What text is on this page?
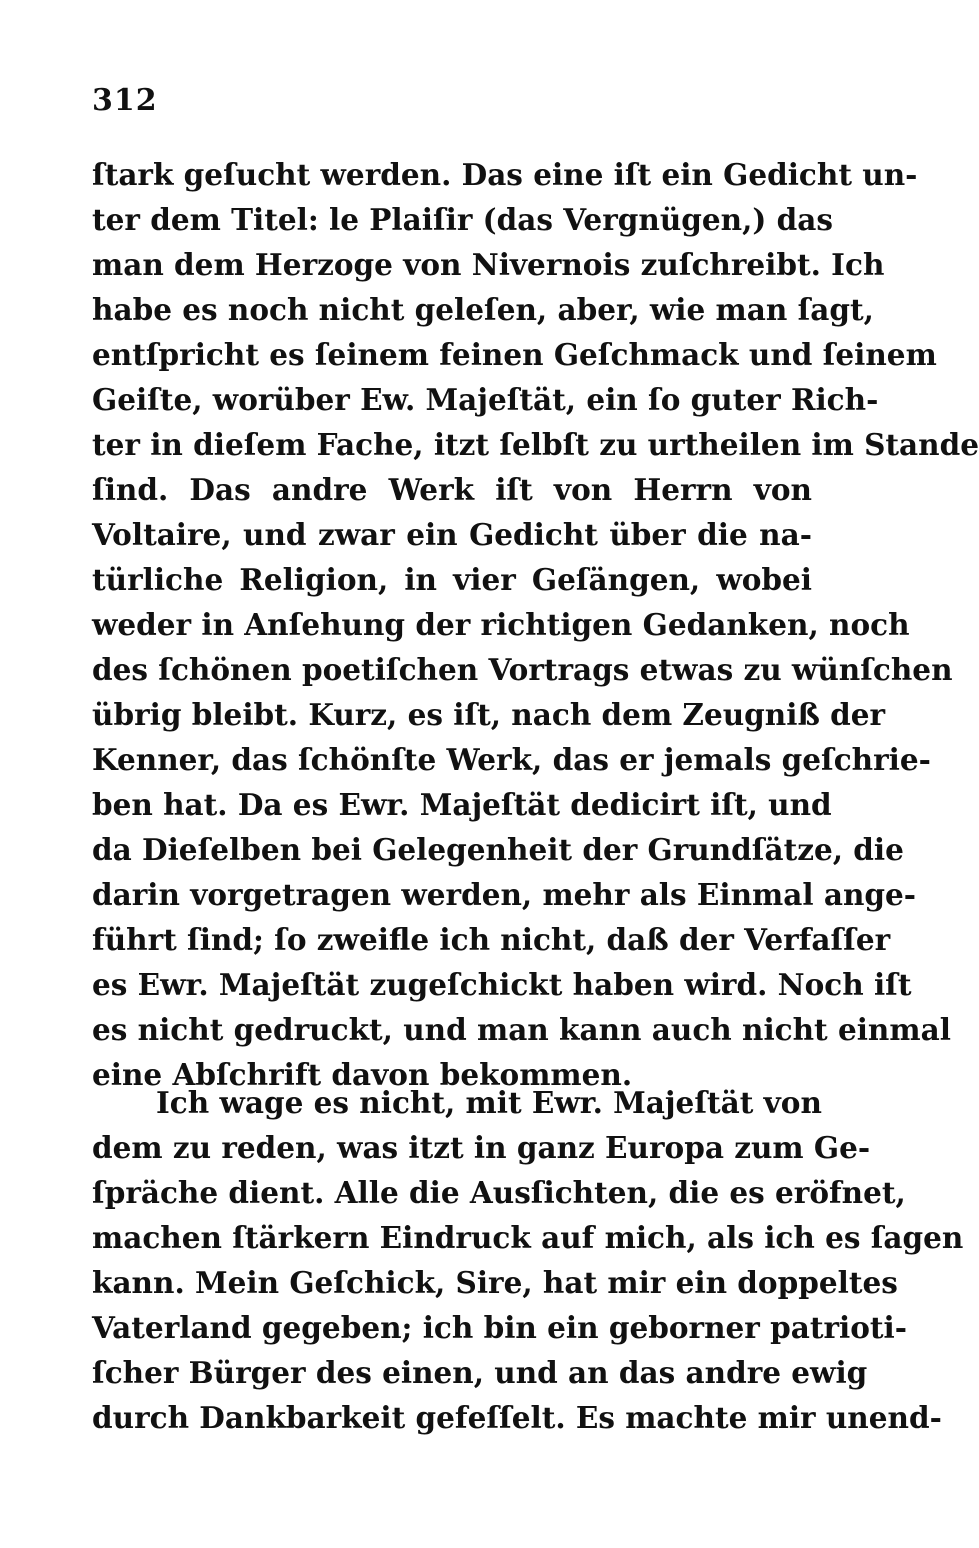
312
ſtark geſucht werden. Das eine iſt ein Gedicht un-
ter dem Titel: le Plaiſir (das Vergnügen,) das
man dem Herzoge von Nivernois zuſchreibt. Ich
habe es noch nicht geleſen, aber, wie man ſagt,
entſpricht es ſeinem feinen Geſchmack und ſeinem
Geiſte, worüber Ew. Majeſtät, ein ſo guter Rich-
ter in dieſem Fache, itzt ſelbſt zu urtheilen im Stande
ſind. Das andre Werk iſt von Herrn von
Voltaire, und zwar ein Gedicht über die na-
türliche Religion, in vier Geſängen, wobei
weder in Anſehung der richtigen Gedanken, noch
des ſchönen poetiſchen Vortrags etwas zu wünſchen
übrig bleibt. Kurz, es iſt, nach dem Zeugniß der
Kenner, das ſchönſte Werk, das er jemals geſchrie-
ben hat. Da es Ewr. Majeſtät dedicirt iſt, und
da Dieſelben bei Gelegenheit der Grundſätze, die
darin vorgetragen werden, mehr als Einmal ange-
führt ſind; ſo zweifle ich nicht, daß der Verfaſſer
es Ewr. Majeſtät zugeſchickt haben wird. Noch iſt
es nicht gedruckt, und man kann auch nicht einmal
eine Abſchrift davon bekommen.
Ich wage es nicht, mit Ewr. Majeſtät von
dem zu reden, was itzt in ganz Europa zum Ge-
ſpräche dient. Alle die Ausſichten, die es eröfnet,
machen ſtärkern Eindruck auf mich, als ich es ſagen
kann. Mein Geſchick, Sire, hat mir ein doppeltes
Vaterland gegeben; ich bin ein geborner patrioti-
ſcher Bürger des einen, und an das andre ewig
durch Dankbarkeit gefeſſelt. Es machte mir unend-
